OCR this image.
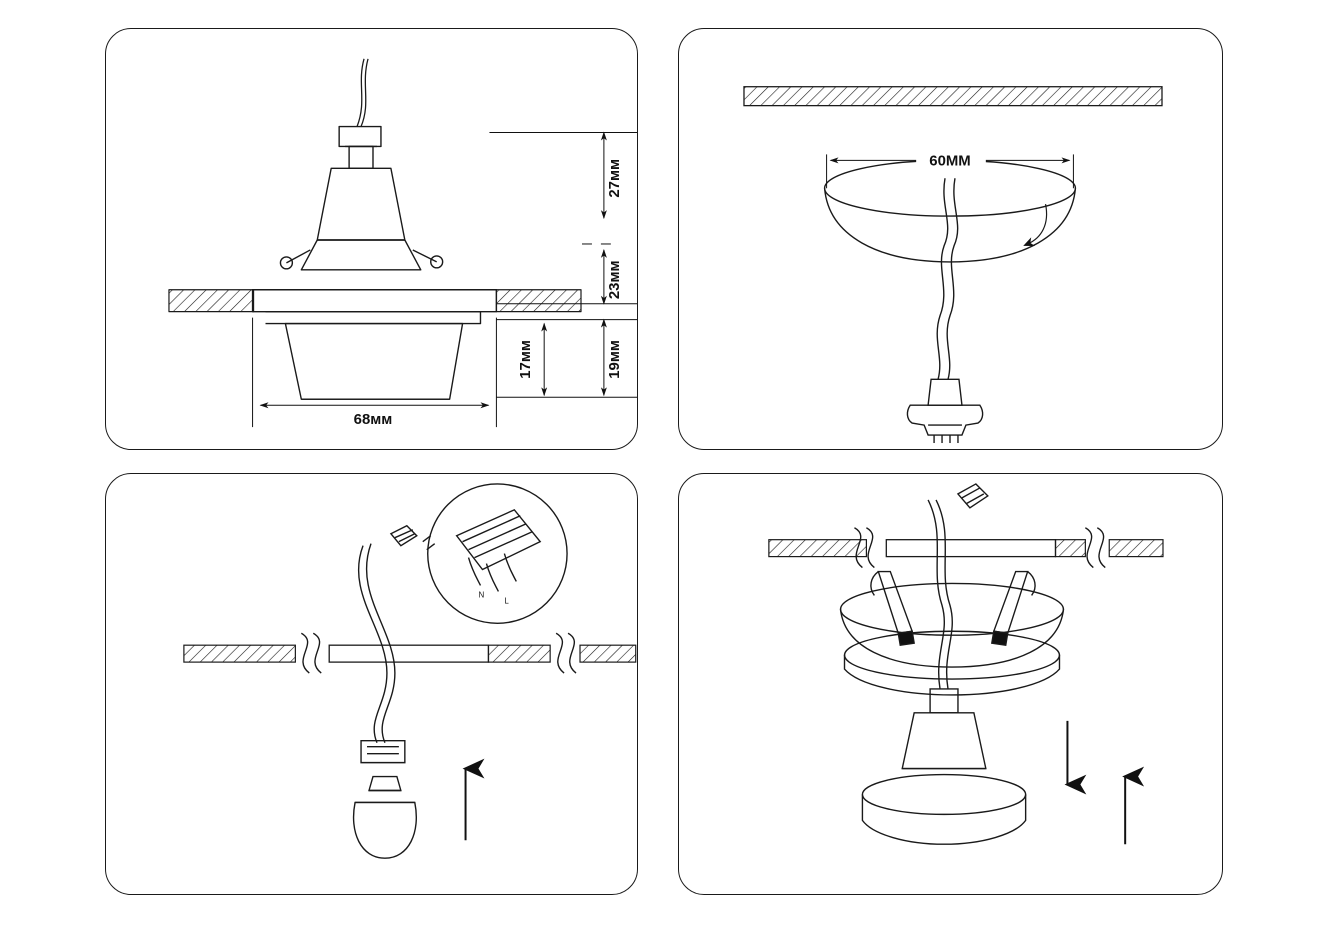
27мм
23мм
17мм	19мм
68мм
60ММ
N
L
